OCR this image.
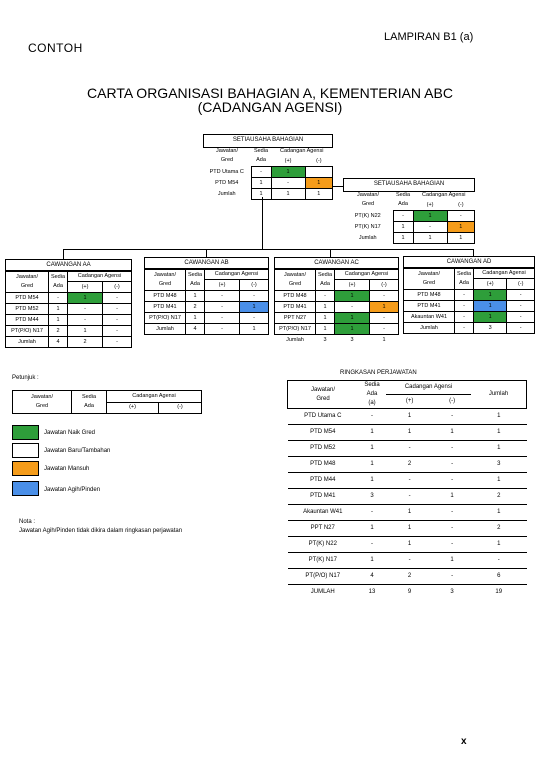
LAMPIRAN B1 (a)
CONTOH
CARTA ORGANISASI BAHAGIAN A, KEMENTERIAN ABC
(CADANGAN AGENSI)
SETIAUSAHA BAHAGIAN
Jawatan/
Gred	Sedia
Ada	Cadangan Agensi	
		(+)	(-)
PTD Utama C	-	1	
PTD M54	1	-	1
Jumlah	1	1	1
SETIAUSAHA BAHAGIAN
Jawatan/
Gred	Sedia
Ada	Cadangan Agensi	
		(+)	(-)
PT(K) N22	-	1	-
PT(K) N17	1	-	1
Jumlah	1	1	1
CAWANGAN AA
Jawatan/
Gred	Sedia
Ada	Cadangan Agensi	
		(+)	(-)
PTD M54	-	1	-
PTD M52	1	-	-
PTD M44	1	-	-
PT(P/O) N17	2	1	-
Jumlah	4	2	-
CAWANGAN AB
Jawatan/
Gred	Sedia
Ada	Cadangan Agensi	
		(+)	(-)
PTD M48	1	-	-
PTD M41	2	-	1
PT(P/O) N17	1	-	-
Jumlah	4	-	1
CAWANGAN AC
Jawatan/
Gred	Sedia
Ada	Cadangan Agensi	
		(+)	(-)
PTD M48	-	1	-
PTD M41	1	-	1
PPT N27	1	1	-
PT(P/O) N17	1	1	-
Jumlah	3	3	1
CAWANGAN AD
Jawatan/
Gred	Sedia
Ada	Cadangan Agensi	
		(+)	(-)
PTD M48	-	1	-
PTD M41	-	1	-
Akauntan W41	-	1	-
Jumlah	-	3	-
Petunjuk :
Jawatan/
Gred	Sedia
Ada	Cadangan Agensi	
		(+)	(-)
Jawatan Naik Gred
Jawatan Baru/Tambahan
Jawatan Mansuh
Jawatan Agih/Pinden
Nota :
Jawatan Agih/Pinden tidak dikira dalam ringkasan perjawatan
RINGKASAN PERJAWATAN
Jawatan/
Gred	Sedia
Ada
(a)	Cadangan Agensi		Jumlah
		(+)	(-)	
PTD Utama C	-	1	-	1
PTD M54	1	1	1	1
PTD M52	1	-	-	1
PTD M48	1	2	-	3
PTD M44	1	-	-	1
PTD M41	3	-	1	2
Akauntan W41	-	1	-	1
PPT N27	1	1	-	2
PT(K) N22	-	1	-	1
PT(K) N17	1	-	1	-
PT(P/O) N17	4	2	-	6
JUMLAH	13	9	3	19
x
